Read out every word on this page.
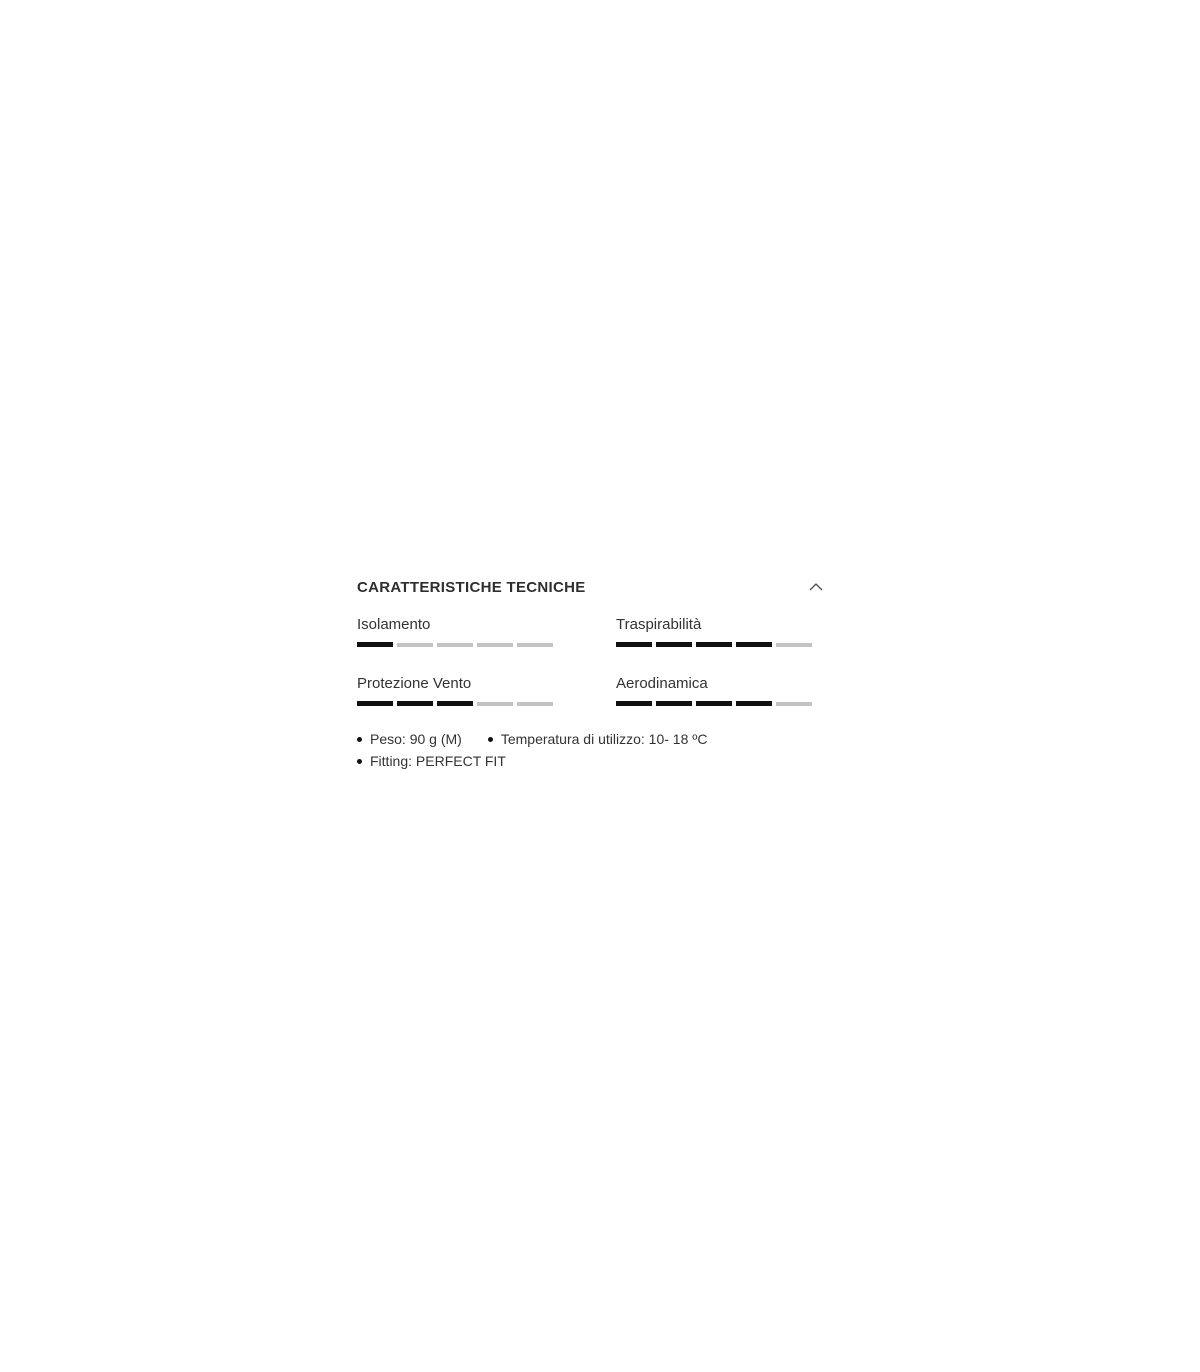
CARATTERISTICHE TECNICHE
Isolamento	Traspirabilità
Protezione Vento	Aerodinamica
Peso: 90 g (M)	Temperatura di utilizzo: 10- 18 ºC
Fitting: PERFECT FIT
